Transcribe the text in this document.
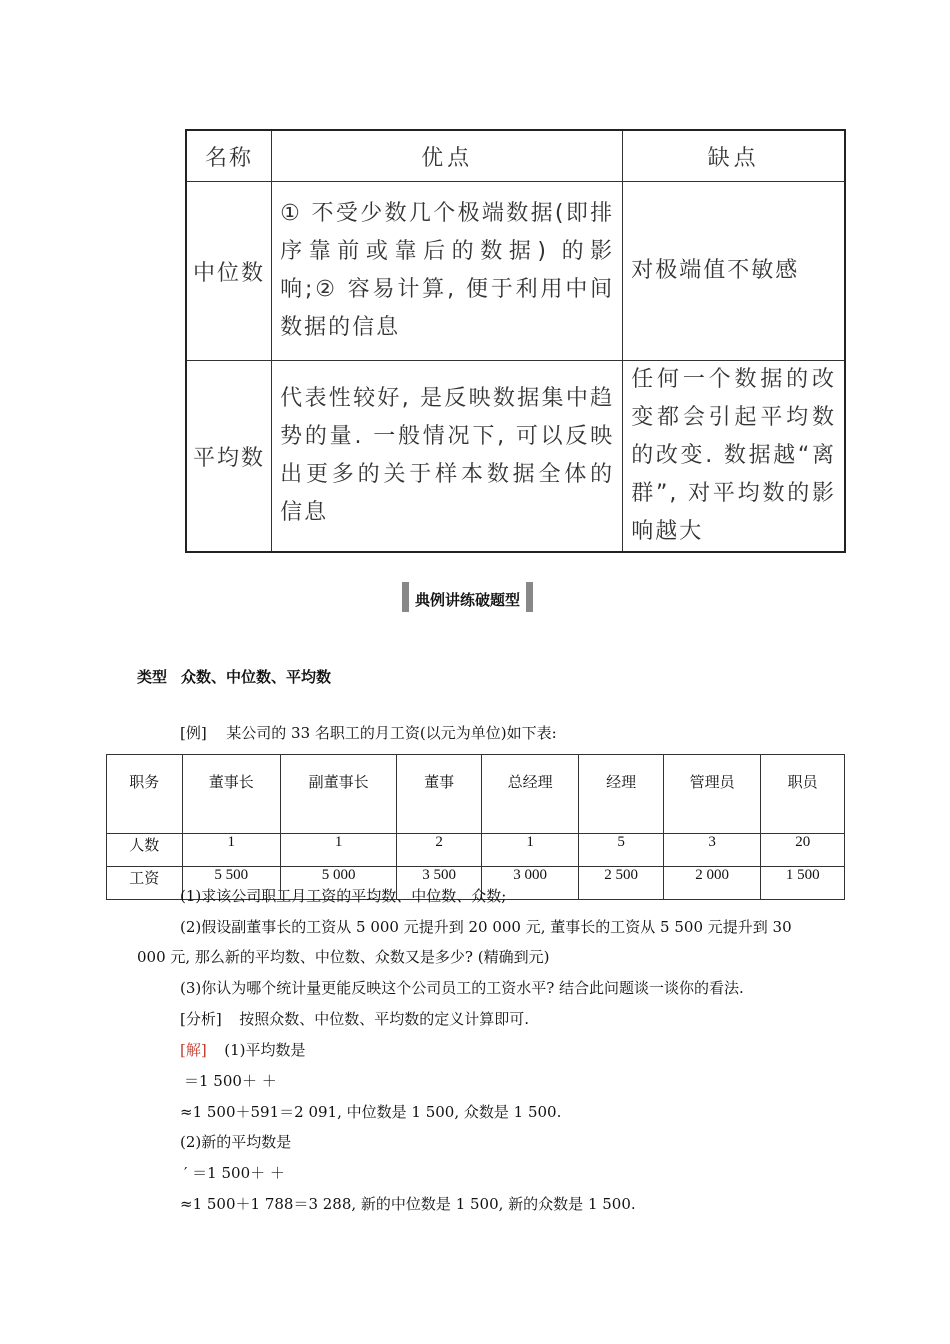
名称	优点	缺点
中位数	① 不受少数几个极端数据(即排序靠前或靠后的数据) 的影响;② 容易计算, 便于利用中间数据的信息	对极端值不敏感
平均数	代表性较好, 是反映数据集中趋势的量. 一般情况下, 可以反映出更多的关于样本数据全体的信息	任何一个数据的改变都会引起平均数的改变. 数据越“离群”, 对平均数的影响越大
典例讲练破题型
类型 众数、中位数、平均数
[例] 某公司的 33 名职工的月工资(以元为单位)如下表:
职务	董事长	副董事长	董事	总经理	经理	管理员	职员
人数	1	1	2	1	5	3	20
工资	5 500	5 000	3 500	3 000	2 500	2 000	1 500
(1)求该公司职工月工资的平均数、中位数、众数;
(2)假设副董事长的工资从 5 000 元提升到 20 000 元, 董事长的工资从 5 500 元提升到 30
000 元, 那么新的平均数、中位数、众数又是多少? (精确到元)
(3)你认为哪个统计量更能反映这个公司员工的工资水平? 结合此问题谈一谈你的看法.
[分析] 按照众数、中位数、平均数的定义计算即可.
[解] (1)平均数是
＝1 500＋ ＋
≈1 500＋591＝2 091, 中位数是 1 500, 众数是 1 500.
(2)新的平均数是
′ ＝1 500＋ ＋
≈1 500＋1 788＝3 288, 新的中位数是 1 500, 新的众数是 1 500.
